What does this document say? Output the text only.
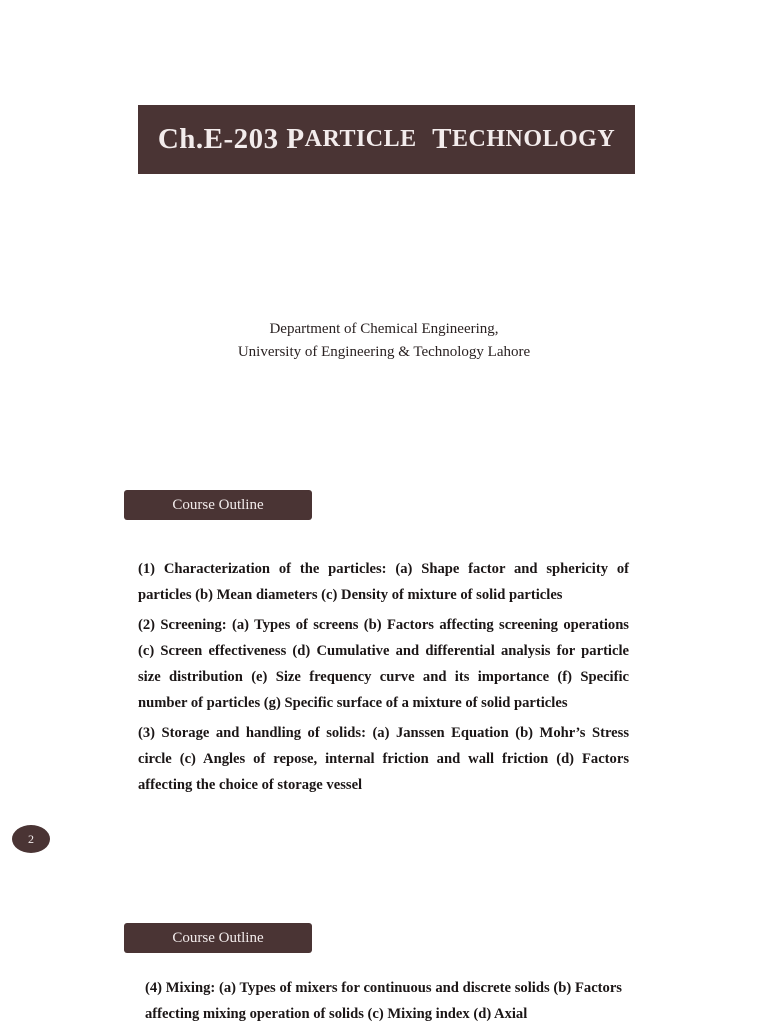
Ch.E-203
P ARTICLE
T ECHNOLOGY
Department of Chemical Engineering,
University of Engineering & Technology Lahore
Course Outline

(1) Characterization of the particles: (a) Shape factor and sphericity of particles (b) Mean diameters (c) Density of mixture of solid particles

(2) Screening: (a) Types of screens (b) Factors affecting screening operations (c) Screen effectiveness (d) Cumulative and differential analysis for particle size distribution (e) Size frequency curve and its importance (f) Specific number of particles (g) Specific surface of a mixture of solid particles

(3) Storage and handling of solids: (a) Janssen Equation (b) Mohr’s Stress circle (c) Angles of repose, internal friction and wall friction (d) Factors affecting the choice of storage vessel

2
Course Outline

(4) Mixing: (a) Types of mixers for continuous and discrete solids (b) Factors affecting mixing operation of solids (c) Mixing index (d) Axial
